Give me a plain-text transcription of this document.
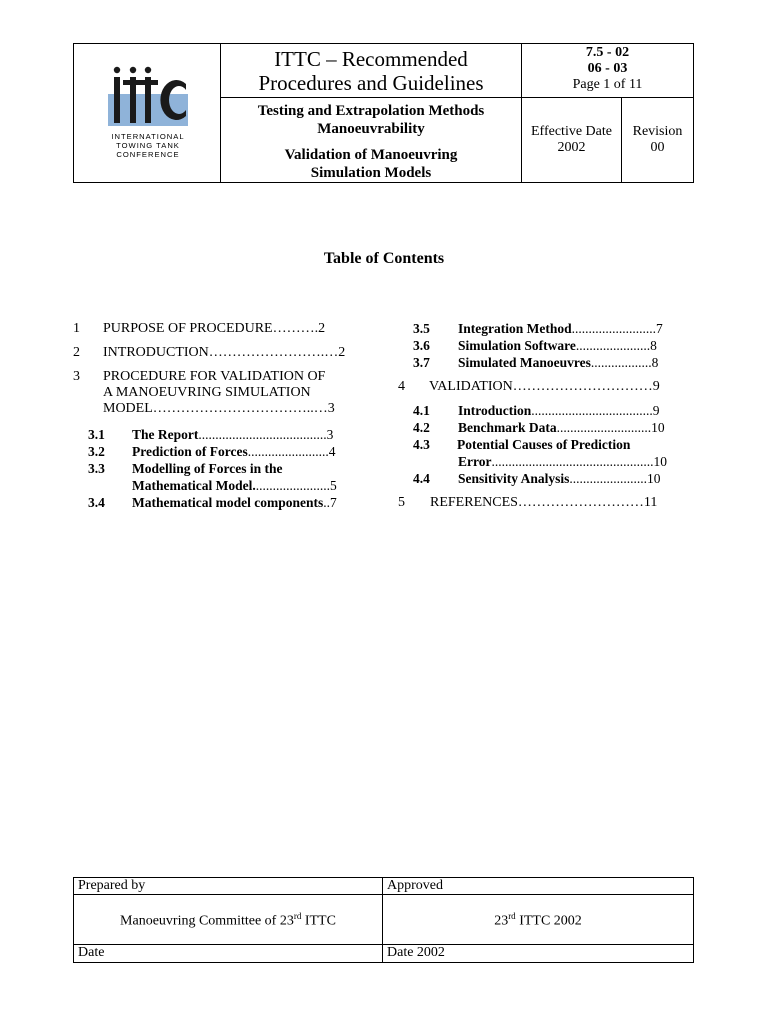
INTERNATIONAL
TOWING TANK
CONFERENCE
ITTC – Recommended
Procedures and Guidelines
Testing and Extrapolation Methods
Manoeuvrability
Validation of Manoeuvring
Simulation Models
7.5 - 02
06 - 03
Page 1 of 11
Effective Date
2002
Revision
00
Table of Contents
1 PURPOSE OF PROCEDURE……….2
2 INTRODUCTION…………………….…2
3 PROCEDURE FOR VALIDATION OF
A MANOEUVRING SIMULATION
MODEL……………………………..…3
3.1 The Report......................................3
3.2 Prediction of Forces........................4
3.3 Modelling of Forces in the
Mathematical Model.......................5
3.4 Mathematical model components..7
3.5 Integration Method.........................7
3.6 Simulation Software......................8
3.7 Simulated Manoeuvres..................8
4 VALIDATION…………………………9
4.1 Introduction....................................9
4.2 Benchmark Data............................10
4.3 Potential Causes of Prediction
Error................................................10
4.4 Sensitivity Analysis.......................10
5 REFERENCES………………………11
Prepared by	Approved
Manoeuvring Committee of 23rd ITTC	23rd ITTC 2002
Date	Date 2002
